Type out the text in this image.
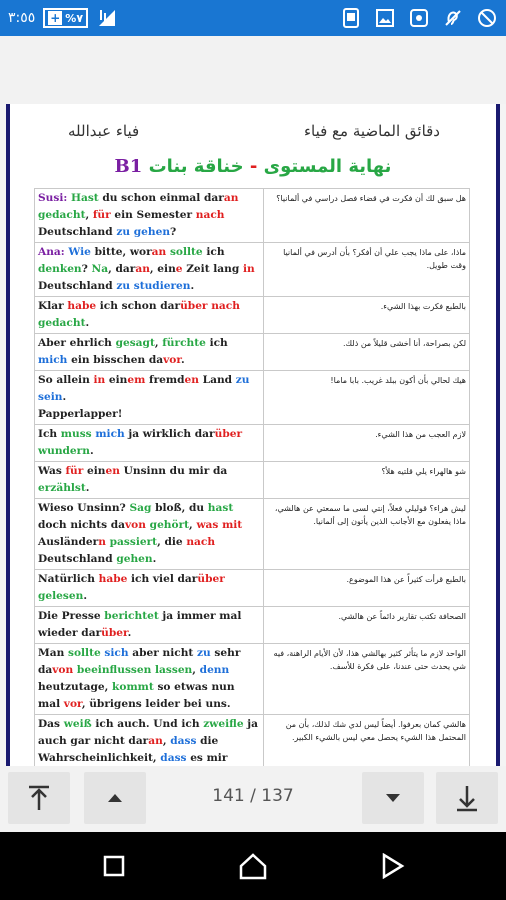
٣:٥٥ + %٧
فياء عبدالله	دقائق الماضية مع فياء
B1	نهاية المستوى - خناقة بنات
Susi: Hast du schon einmal daran gedacht, für ein Semester nach Deutschland zu gehen?	هل سبق لك أن فكرت في قضاء فصل دراسي في ألمانيا؟
Ana: Wie bitte, woran sollte ich denken? Na, daran, eine Zeit lang in Deutschland zu studieren.	ماذا، على ماذا يجب علي أن أفكر؟ بأن أدرس في ألمانيا وقت طويل.
Klar habe ich schon darüber nach gedacht.	بالطبع فكرت بهذا الشيء.
Aber ehrlich gesagt, fürchte ich mich ein bisschen davor.	لكن بصراحة، أنا أخشى قليلاً من ذلك.
So allein in einem fremden Land zu sein.
Papperlapper!	هيك لحالي بأن أكون ببلد غريب. بابا ماما!
Ich muss mich ja wirklich darüber wundern.	لازم العجب من هذا الشيء.
Was für einen Unsinn du mir da erzählst.	شو هالهراء يلي قلتيه هلأ؟
Wieso Unsinn? Sag bloß, du hast doch nichts davon gehört, was mit Ausländern passiert, die nach Deutschland gehen.	ليش هراء؟ قوليلي فعلاً، إنتي لسى ما سمعتي عن هالشي، ماذا يفعلون مع الأجانب الذين يأتون إلى ألمانيا.
Natürlich habe ich viel darüber gelesen.	بالطبع قرأت كثيراً عن هذا الموضوع.
Die Presse berichtet ja immer mal wieder darüber.	الصحافة تكتب تقارير دائماً عن هالشي.
Man sollte sich aber nicht zu sehr davon beeinflussen lassen, denn heutzutage, kommt so etwas nun mal vor, übrigens leider bei uns.	الواحد لازم ما يتأثر كثير بهالشي هذا، لأن الأيام الراهنة، فيه شي يحدث حتى عندنا، على فكرة للأسف.
Das weiß ich auch. Und ich zweifle ja auch gar nicht daran, dass die Wahrscheinlichkeit, dass es mir	هالشي كمان بعرفوا. أيضاً ليس لدي شك لذلك، بأن من المحتمل هذا الشيء يحصل معي ليس بالشيء الكبير.
141 / 137
